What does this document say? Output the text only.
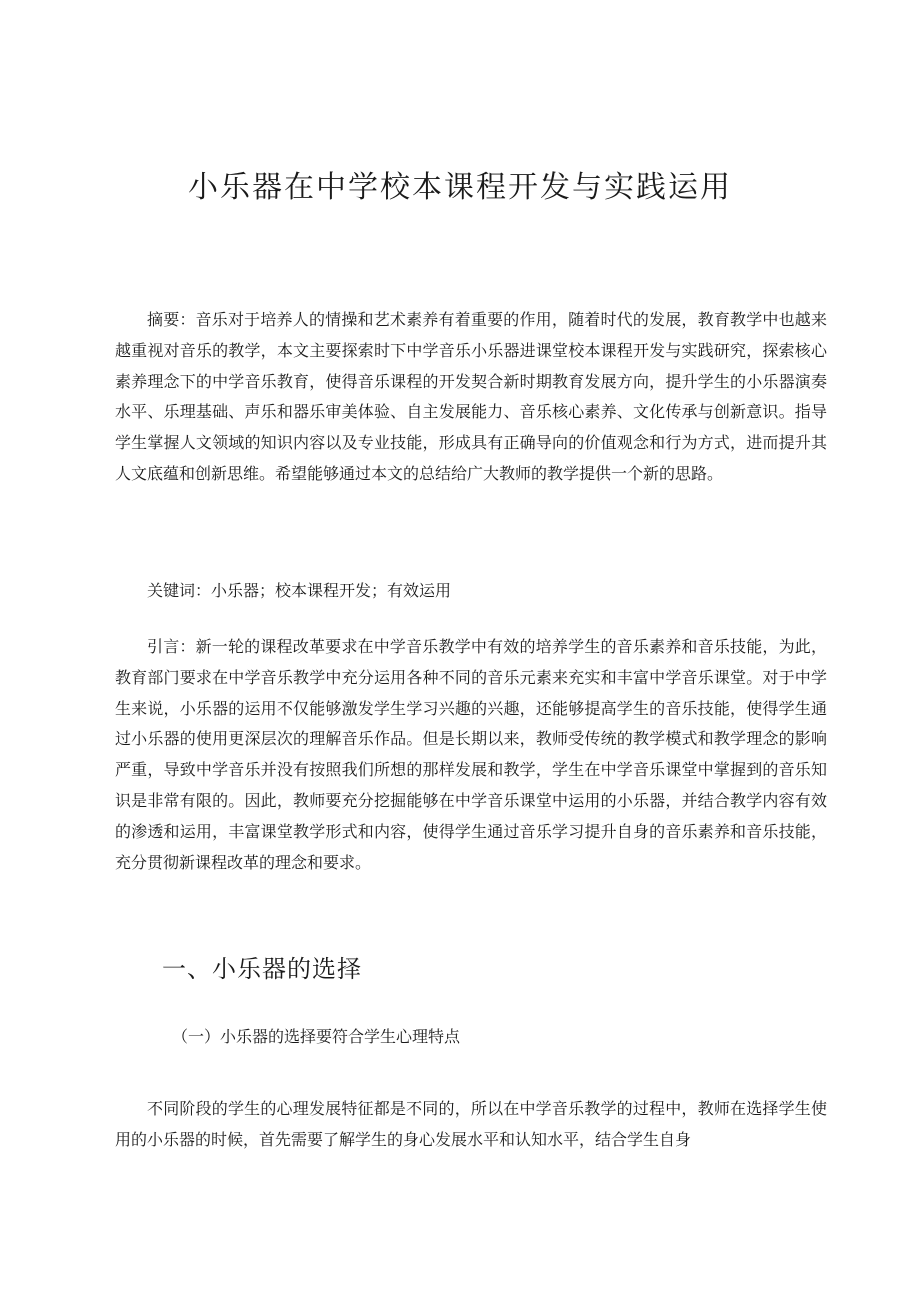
小乐器在中学校本课程开发与实践运用

摘要：音乐对于培养人的情操和艺术素养有着重要的作用，随着时代的发展，教育教学中也越来越重视对音乐的教学，本文主要探索时下中学音乐小乐器进课堂校本课程开发与实践研究，探索核心素养理念下的中学音乐教育，使得音乐课程的开发契合新时期教育发展方向，提升学生的小乐器演奏水平、乐理基础、声乐和器乐审美体验、自主发展能力、音乐核心素养、文化传承与创新意识。指导学生掌握人文领域的知识内容以及专业技能，形成具有正确导向的价值观念和行为方式，进而提升其人文底蕴和创新思维。希望能够通过本文的总结给广大教师的教学提供一个新的思路。

关键词：小乐器；校本课程开发；有效运用

引言：新一轮的课程改革要求在中学音乐教学中有效的培养学生的音乐素养和音乐技能，为此，教育部门要求在中学音乐教学中充分运用各种不同的音乐元素来充实和丰富中学音乐课堂。对于中学生来说，小乐器的运用不仅能够激发学生学习兴趣的兴趣，还能够提高学生的音乐技能，使得学生通过小乐器的使用更深层次的理解音乐作品。但是长期以来，教师受传统的教学模式和教学理念的影响严重，导致中学音乐并没有按照我们所想的那样发展和教学，学生在中学音乐课堂中掌握到的音乐知识是非常有限的。因此，教师要充分挖掘能够在中学音乐课堂中运用的小乐器，并结合教学内容有效的渗透和运用，丰富课堂教学形式和内容，使得学生通过音乐学习提升自身的音乐素养和音乐技能，充分贯彻新课程改革的理念和要求。

一、小乐器的选择
（一）小乐器的选择要符合学生心理特点

不同阶段的学生的心理发展特征都是不同的，所以在中学音乐教学的过程中，教师在选择学生使用的小乐器的时候，首先需要了解学生的身心发展水平和认知水平，结合学生自身
